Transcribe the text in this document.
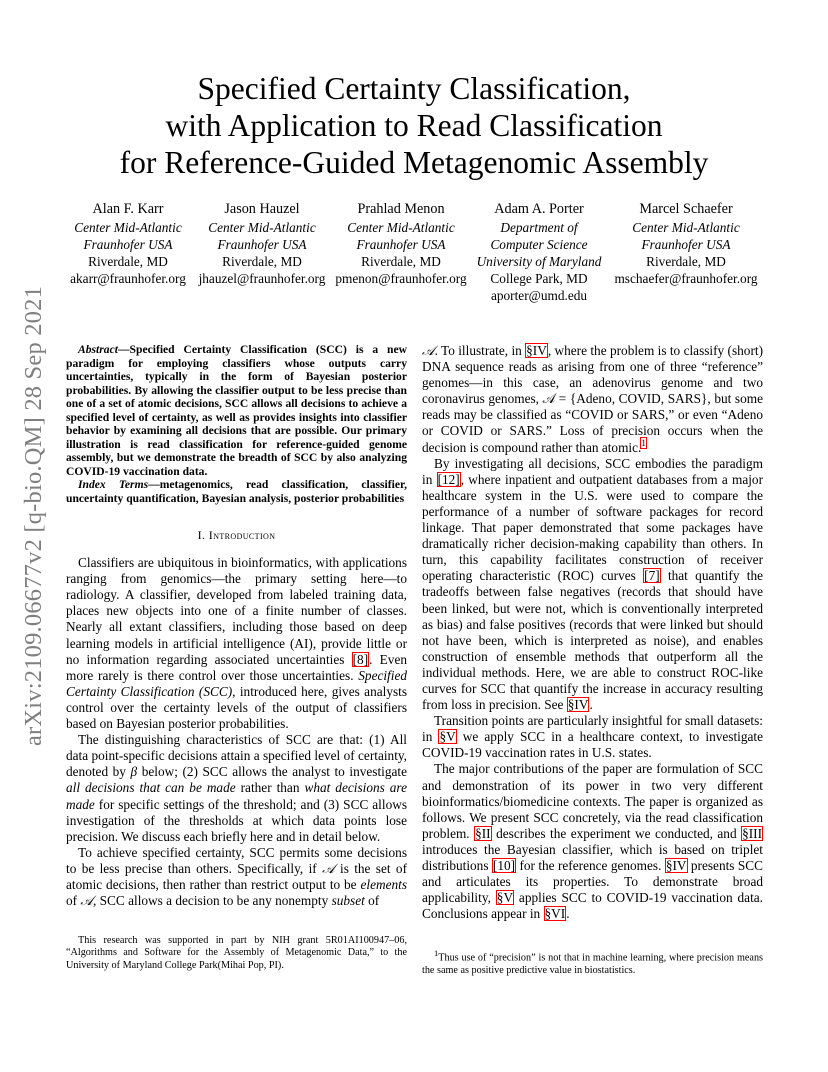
arXiv:2109.06677v2 [q-bio.QM] 28 Sep 2021
Specified Certainty Classification,
with Application to Read Classification
for Reference-Guided Metagenomic Assembly
Alan F. Karr
Center Mid-Atlantic
Fraunhofer USA
Riverdale, MD
akarr@fraunhofer.org
Jason Hauzel
Center Mid-Atlantic
Fraunhofer USA
Riverdale, MD
jhauzel@fraunhofer.org
Prahlad Menon
Center Mid-Atlantic
Fraunhofer USA
Riverdale, MD
pmenon@fraunhofer.org
Adam A. Porter
Department of
Computer Science
University of Maryland
College Park, MD
aporter@umd.edu
Marcel Schaefer
Center Mid-Atlantic
Fraunhofer USA
Riverdale, MD
mschaefer@fraunhofer.org

Abstract—Specified Certainty Classification (SCC) is a new paradigm for employing classifiers whose outputs carry uncertainties, typically in the form of Bayesian posterior probabilities. By allowing the classifier output to be less precise than one of a set of atomic decisions, SCC allows all decisions to achieve a specified level of certainty, as well as provides insights into classifier behavior by examining all decisions that are possible. Our primary illustration is read classification for reference-guided genome assembly, but we demonstrate the breadth of SCC by also analyzing COVID-19 vaccination data.

Index Terms—metagenomics, read classification, classifier, uncertainty quantification, Bayesian analysis, posterior probabilities

I. Introduction

Classifiers are ubiquitous in bioinformatics, with applications ranging from genomics—the primary setting here—to radiology. A classifier, developed from labeled training data, places new objects into one of a finite number of classes. Nearly all extant classifiers, including those based on deep learning models in artificial intelligence (AI), provide little or no information regarding associated uncertainties [8]. Even more rarely is there control over those uncertainties. Specified Certainty Classification (SCC), introduced here, gives analysts control over the certainty levels of the output of classifiers based on Bayesian posterior probabilities.

The distinguishing characteristics of SCC are that: (1) All data point-specific decisions attain a specified level of certainty, denoted by β below; (2) SCC allows the analyst to investigate all decisions that can be made rather than what decisions are made for specific settings of the threshold; and (3) SCC allows investigation of the thresholds at which data points lose precision. We discuss each briefly here and in detail below.

To achieve specified certainty, SCC permits some decisions to be less precise than others. Specifically, if 𝒜 is the set of atomic decisions, then rather than restrict output to be elements of 𝒜, SCC allows a decision to be any nonempty subset of

𝒜. To illustrate, in §IV, where the problem is to classify (short) DNA sequence reads as arising from one of three “reference” genomes—in this case, an adenovirus genome and two coronavirus genomes, 𝒜 = {Adeno, COVID, SARS}, but some reads may be classified as “COVID or SARS,” or even “Adeno or COVID or SARS.” Loss of precision occurs when the decision is compound rather than atomic.$^1$

By investigating all decisions, SCC embodies the paradigm in [12], where inpatient and outpatient databases from a major healthcare system in the U.S. were used to compare the performance of a number of software packages for record linkage. That paper demonstrated that some packages have dramatically richer decision-making capability than others. In turn, this capability facilitates construction of receiver operating characteristic (ROC) curves [7] that quantify the tradeoffs between false negatives (records that should have been linked, but were not, which is conventionally interpreted as bias) and false positives (records that were linked but should not have been, which is interpreted as noise), and enables construction of ensemble methods that outperform all the individual methods. Here, we are able to construct ROC-like curves for SCC that quantify the increase in accuracy resulting from loss in precision. See §IV.

Transition points are particularly insightful for small datasets: in §V we apply SCC in a healthcare context, to investigate COVID-19 vaccination rates in U.S. states.

The major contributions of the paper are formulation of SCC and demonstration of its power in two very different bioinformatics/biomedicine contexts. The paper is organized as follows. We present SCC concretely, via the read classification problem. §II describes the experiment we conducted, and §III introduces the Bayesian classifier, which is based on triplet distributions [10] for the reference genomes. §IV presents SCC and articulates its properties. To demonstrate broad applicability, §V applies SCC to COVID-19 vaccination data. Conclusions appear in §VI.

This research was supported in part by NIH grant 5R01AI100947–06, “Algorithms and Software for the Assembly of Metagenomic Data,” to the University of Maryland College Park(Mihai Pop, PI).
$^1$Thus use of “precision” is not that in machine learning, where precision means the same as positive predictive value in biostatistics.
